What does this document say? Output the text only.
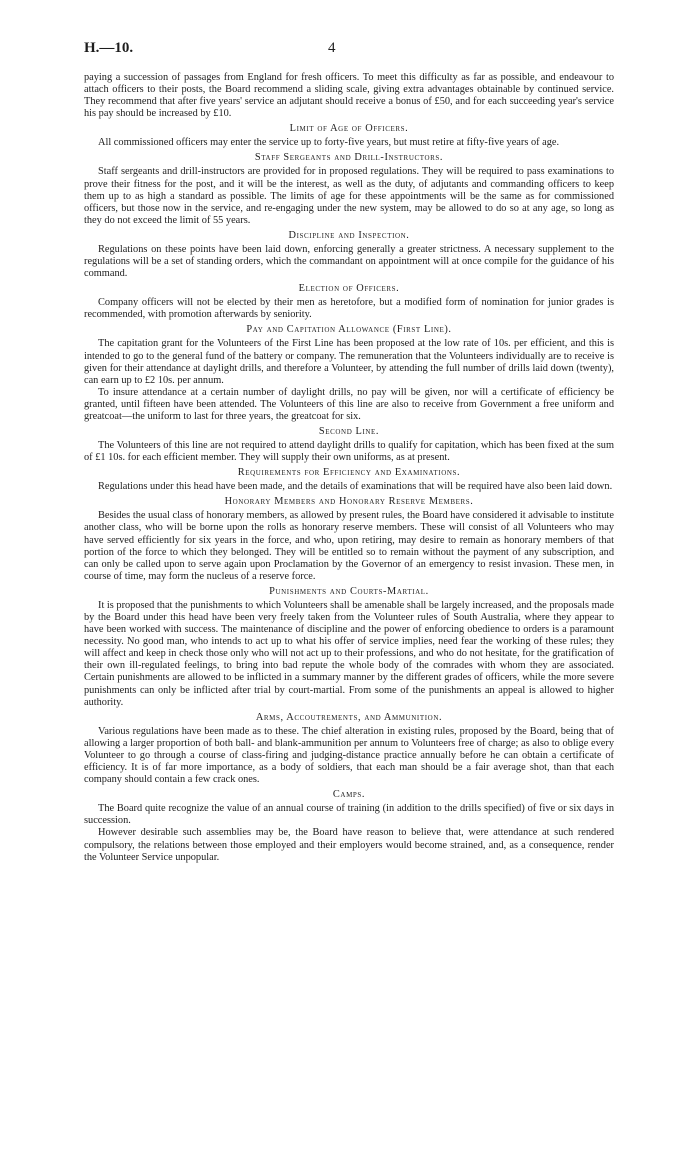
H.—10.	4

paying a succession of passages from England for fresh officers. To meet this difficulty as far as possible, and endeavour to attach officers to their posts, the Board recommend a sliding scale, giving extra advantages obtainable by continued service. They recommend that after five years' service an adjutant should receive a bonus of £50, and for each succeeding year's service his pay should be increased by £10.

Limit of Age of Officers.

All commissioned officers may enter the service up to forty-five years, but must retire at fifty-five years of age.

Staff Sergeants and Drill-Instructors.

Staff sergeants and drill-instructors are provided for in proposed regulations. They will be required to pass examinations to prove their fitness for the post, and it will be the interest, as well as the duty, of adjutants and commanding officers to keep them up to as high a standard as possible. The limits of age for these appointments will be the same as for commissioned officers, but those now in the service, and re-engaging under the new system, may be allowed to do so at any age, so long as they do not exceed the limit of 55 years.

Discipline and Inspection.

Regulations on these points have been laid down, enforcing generally a greater strictness. A necessary supplement to the regulations will be a set of standing orders, which the commandant on appointment will at once compile for the guidance of his command.

Election of Officers.

Company officers will not be elected by their men as heretofore, but a modified form of nomination for junior grades is recommended, with promotion afterwards by seniority.

Pay and Capitation Allowance (First Line).

The capitation grant for the Volunteers of the First Line has been proposed at the low rate of 10s. per efficient, and this is intended to go to the general fund of the battery or company. The remuneration that the Volunteers individually are to receive is given for their attendance at daylight drills, and therefore a Volunteer, by attending the full number of drills laid down (twenty), can earn up to £2 10s. per annum.

To insure attendance at a certain number of daylight drills, no pay will be given, nor will a certificate of efficiency be granted, until fifteen have been attended. The Volunteers of this line are also to receive from Government a free uniform and greatcoat—the uniform to last for three years, the greatcoat for six.

Second Line.

The Volunteers of this line are not required to attend daylight drills to qualify for capitation, which has been fixed at the sum of £1 10s. for each efficient member. They will supply their own uniforms, as at present.

Requirements for Efficiency and Examinations.

Regulations under this head have been made, and the details of examinations that will be required have also been laid down.

Honorary Members and Honorary Reserve Members.

Besides the usual class of honorary members, as allowed by present rules, the Board have considered it advisable to institute another class, who will be borne upon the rolls as honorary reserve members. These will consist of all Volunteers who may have served efficiently for six years in the force, and who, upon retiring, may desire to remain as honorary members of that portion of the force to which they belonged. They will be entitled so to remain without the payment of any subscription, and can only be called upon to serve again upon Proclamation by the Governor of an emergency to resist invasion. These men, in course of time, may form the nucleus of a reserve force.

Punishments and Courts-Martial.

It is proposed that the punishments to which Volunteers shall be amenable shall be largely increased, and the proposals made by the Board under this head have been very freely taken from the Volunteer rules of South Australia, where they appear to have been worked with success. The maintenance of discipline and the power of enforcing obedience to orders is a paramount necessity. No good man, who intends to act up to what his offer of service implies, need fear the working of these rules; they will affect and keep in check those only who will not act up to their professions, and who do not hesitate, for the gratification of their own ill-regulated feelings, to bring into bad repute the whole body of the comrades with whom they are associated. Certain punishments are allowed to be inflicted in a summary manner by the different grades of officers, while the more severe punishments can only be inflicted after trial by court-martial. From some of the punishments an appeal is allowed to higher authority.

Arms, Accoutrements, and Ammunition.

Various regulations have been made as to these. The chief alteration in existing rules, proposed by the Board, being that of allowing a larger proportion of both ball- and blank-ammunition per annum to Volunteers free of charge; as also to oblige every Volunteer to go through a course of class-firing and judging-distance practice annually before he can obtain a certificate of efficiency. It is of far more importance, as a body of soldiers, that each man should be a fair average shot, than that each company should contain a few crack ones.

Camps.

The Board quite recognize the value of an annual course of training (in addition to the drills specified) of five or six days in succession.

However desirable such assemblies may be, the Board have reason to believe that, were attendance at such rendered compulsory, the relations between those employed and their employers would become strained, and, as a consequence, render the Volunteer Service unpopular.
